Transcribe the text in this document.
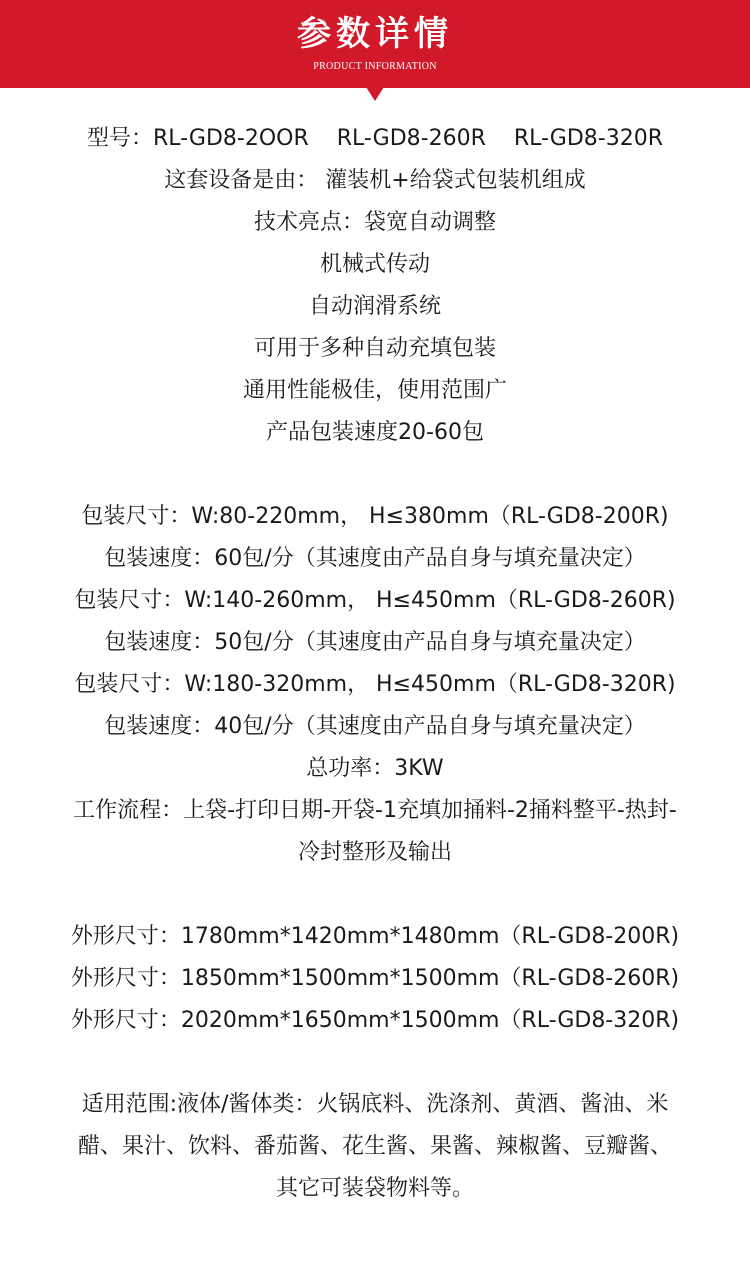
参数详情
PRODUCT INFORMATION
型号：RL-GD8-2OOR RL-GD8-260R RL-GD8-320R
这套设备是由： 灌装机+给袋式包装机组成
技术亮点：袋宽自动调整
机械式传动
自动润滑系统
可用于多种自动充填包装
通用性能极佳，使用范围广
产品包装速度20-60包
包装尺寸：W:80-220mm， H≤380mm（RL-GD8-200R)
包装速度：60包/分（其速度由产品自身与填充量决定）
包装尺寸：W:140-260mm， H≤450mm（RL-GD8-260R)
包装速度：50包/分（其速度由产品自身与填充量决定）
包装尺寸：W:180-320mm， H≤450mm（RL-GD8-320R)
包装速度：40包/分（其速度由产品自身与填充量决定）
总功率：3KW
工作流程：上袋-打印日期-开袋-1充填加捅料-2捅料整平-热封-
冷封整形及输出
外形尺寸：1780mm*1420mm*1480mm（RL-GD8-200R)
外形尺寸：1850mm*1500mm*1500mm（RL-GD8-260R)
外形尺寸：2020mm*1650mm*1500mm（RL-GD8-320R)
适用范围:液体/酱体类：火锅底料、洗涤剂、黄酒、酱油、米
醋、果汁、饮料、番茄酱、花生酱、果酱、辣椒酱、豆瓣酱、
其它可装袋物料等。
